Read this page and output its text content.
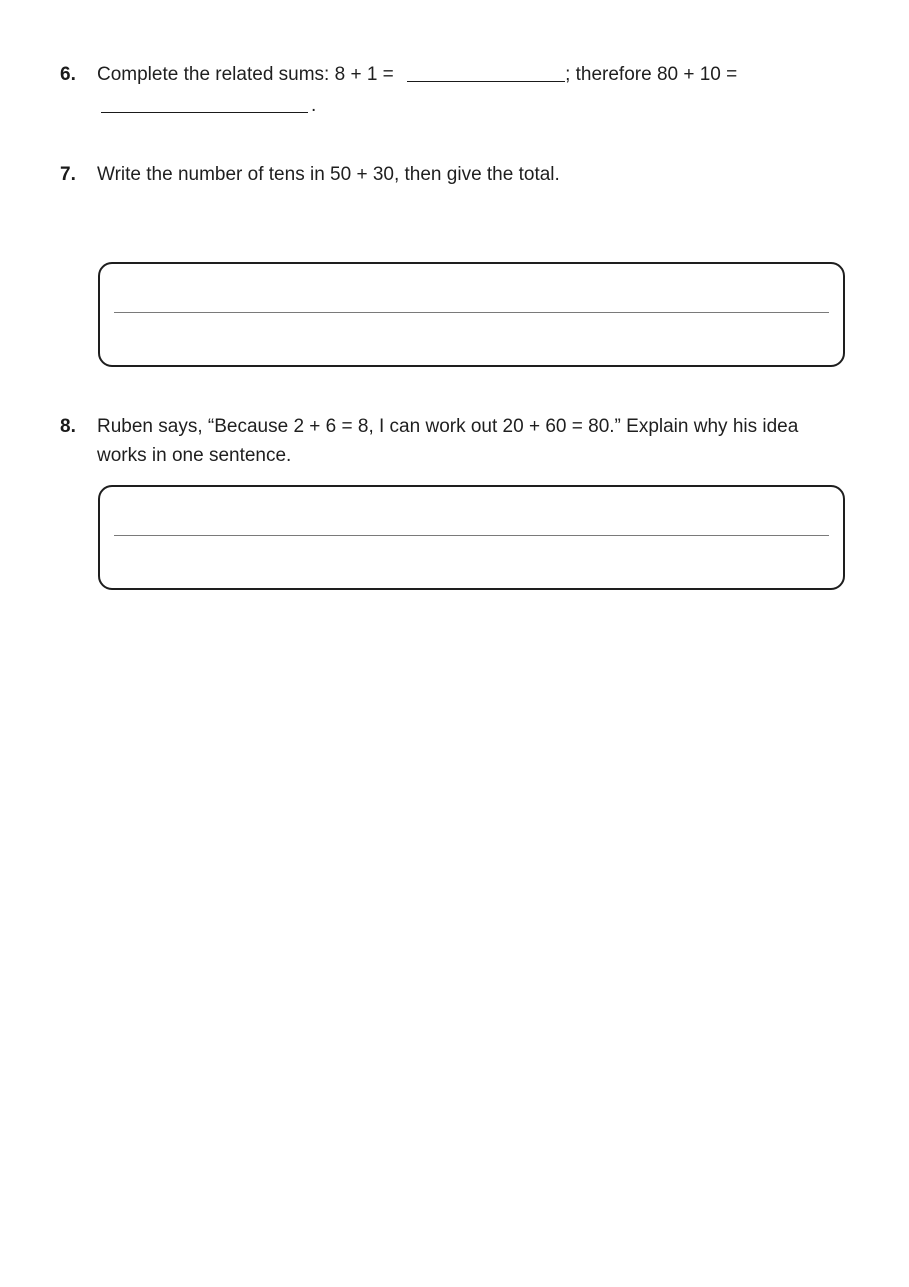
6. Complete the related sums: 8 + 1 =	; therefore 80 + 10 =
.
7. Write the number of tens in 50 + 30, then give the total.
8. Ruben says, “Because 2 + 6 = 8, I can work out 20 + 60 = 80.” Explain why his idea
works in one sentence.
